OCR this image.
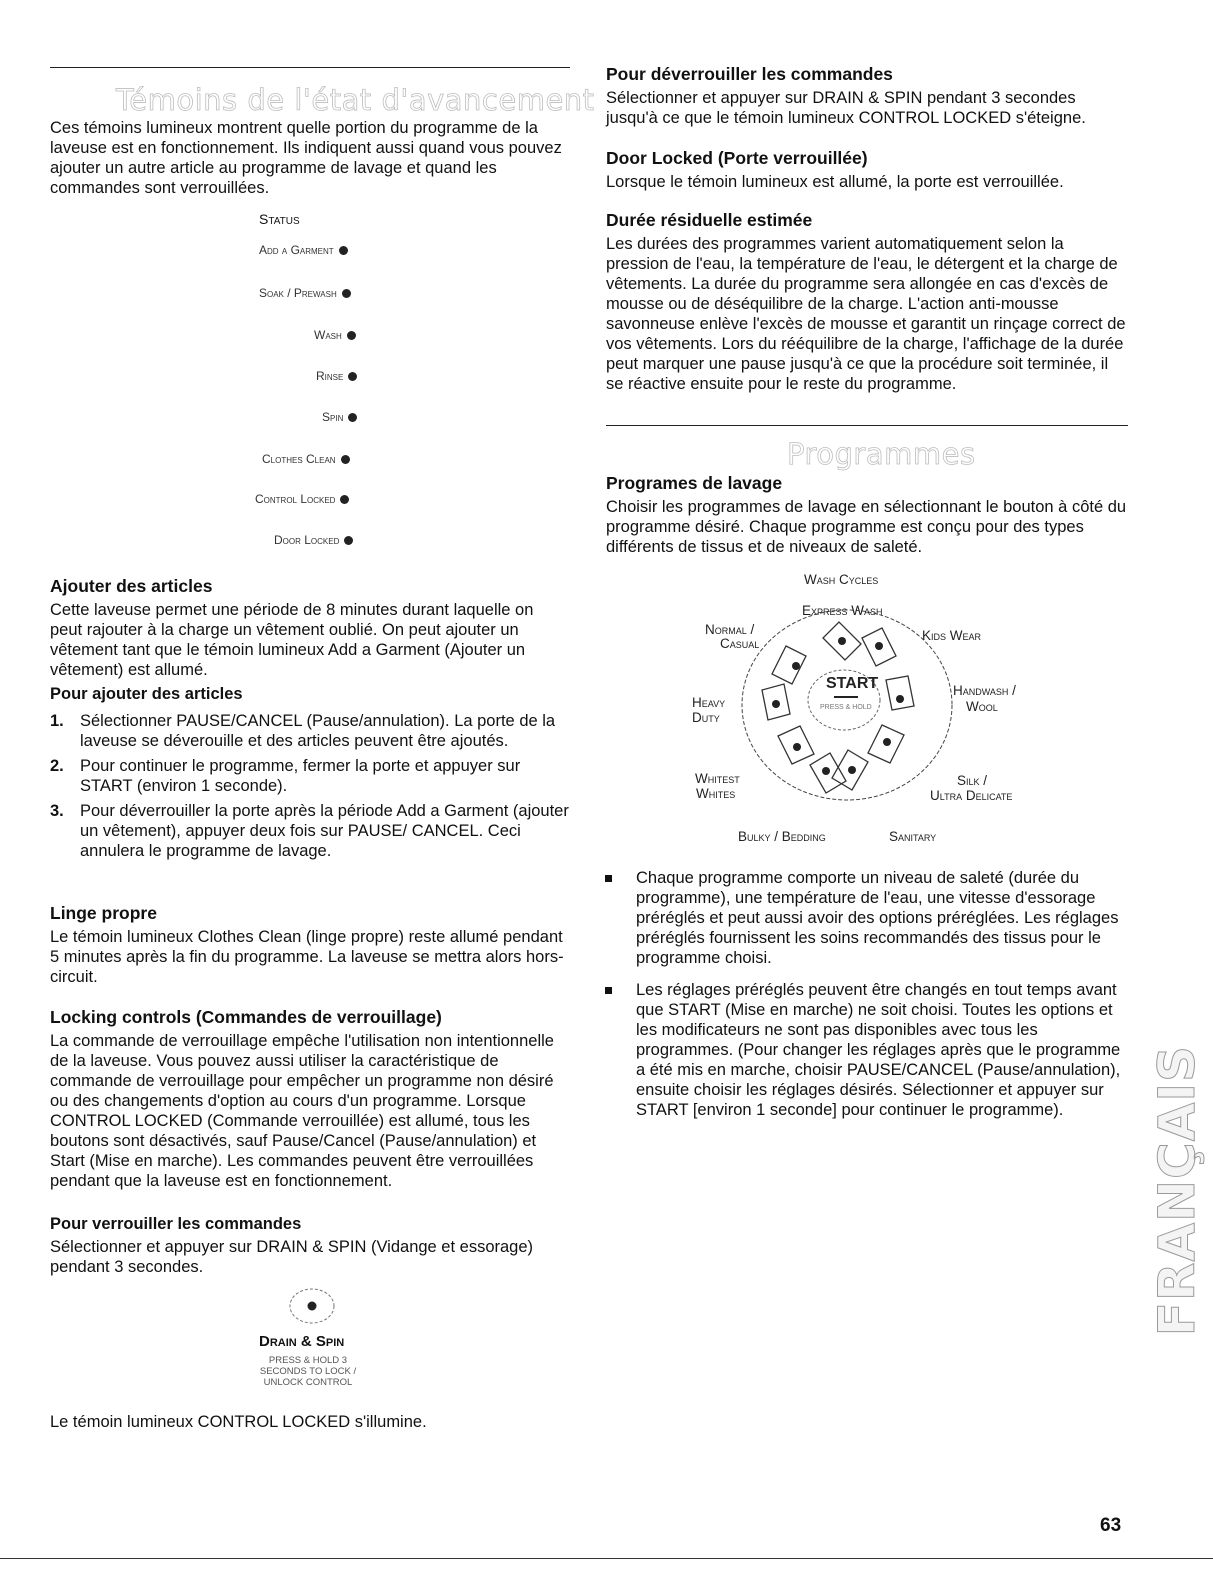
Témoins de l'état d'avancement

Ces témoins lumineux montrent quelle portion du programme de la laveuse est en fonctionnement. Ils indiquent aussi quand vous pouvez ajouter un autre article au programme de lavage et quand les commandes sont verrouillées.

Status
Add a Garment
Soak / Prewash
Wash
Rinse
Spin
Clothes Clean
Control Locked
Door Locked
Ajouter des articles

Cette laveuse permet une période de 8 minutes durant laquelle on peut rajouter à la charge un vêtement oublié. On peut ajouter un vêtement tant que le témoin lumineux Add a Garment (Ajouter un vêtement) est allumé.

Pour ajouter des articles
1. Sélectionner PAUSE/CANCEL (Pause/annulation). La porte de la laveuse se déverouille et des articles peuvent être ajoutés.
2. Pour continuer le programme, fermer la porte et appuyer sur START (environ 1 seconde).
3. Pour déverrouiller la porte après la période Add a Garment (ajouter un vêtement), appuyer deux fois sur PAUSE/ CANCEL. Ceci annulera le programme de lavage.
Linge propre

Le témoin lumineux Clothes Clean (linge propre) reste allumé pendant 5 minutes après la fin du programme. La laveuse se mettra alors hors-circuit.

Locking controls (Commandes de verrouillage)

La commande de verrouillage empêche l'utilisation non intentionnelle de la laveuse. Vous pouvez aussi utiliser la caractéristique de commande de verrouillage pour empêcher un programme non désiré ou des changements d'option au cours d'un programme. Lorsque CONTROL LOCKED (Commande verrouillée) est allumé, tous les boutons sont désactivés, sauf Pause/Cancel (Pause/annulation) et Start (Mise en marche). Les commandes peuvent être verrouillées pendant que la laveuse est en fonctionnement.

Pour verrouiller les commandes

Sélectionner et appuyer sur DRAIN & SPIN (Vidange et essorage) pendant 3 secondes.

Drain & Spin
PRESS & HOLD 3 SECONDS TO LOCK / UNLOCK CONTROL

Le témoin lumineux CONTROL LOCKED s'illumine.

Pour déverrouiller les commandes

Sélectionner et appuyer sur DRAIN & SPIN pendant 3 secondes jusqu'à ce que le témoin lumineux CONTROL LOCKED s'éteigne.

Door Locked (Porte verrouillée)

Lorsque le témoin lumineux est allumé, la porte est verrouillée.

Durée résiduelle estimée

Les durées des programmes varient automatiquement selon la pression de l'eau, la température de l'eau, le détergent et la charge de vêtements. La durée du programme sera allongée en cas d'excès de mousse ou de déséquilibre de la charge. L'action anti-mousse savonneuse enlève l'excès de mousse et garantit un rinçage correct de vos vêtements. Lors du rééquilibre de la charge, l'affichage de la durée peut marquer une pause jusqu'à ce que la procédure soit terminée, il se réactive ensuite pour le reste du programme.

Programmes
Programes de lavage

Choisir les programmes de lavage en sélectionnant le bouton à côté du programme désiré. Chaque programme est conçu pour des types différents de tissus et de niveaux de saleté.

Wash Cycles
START
PRESS & HOLD
Express Wash
Normal /
Casual
Kids Wear
Heavy
Duty
Handwash /
Wool
Whitest
Whites
Silk /
Ultra Delicate
Bulky / Bedding	Sanitary
Chaque programme comporte un niveau de saleté (durée du programme), une température de l'eau, une vitesse d'essorage préréglés et peut aussi avoir des options préréglées. Les réglages préréglés fournissent les soins recommandés des tissus pour le programme choisi.
Les réglages préréglés peuvent être changés en tout temps avant que START (Mise en marche) ne soit choisi. Toutes les options et les modificateurs ne sont pas disponibles avec tous les programmes. (Pour changer les réglages après que le programme a été mis en marche, choisir PAUSE/CANCEL (Pause/annulation), ensuite choisir les réglages désirés. Sélectionner et appuyer sur START [environ 1 seconde] pour continuer le programme).	FRANÇAIS
63
